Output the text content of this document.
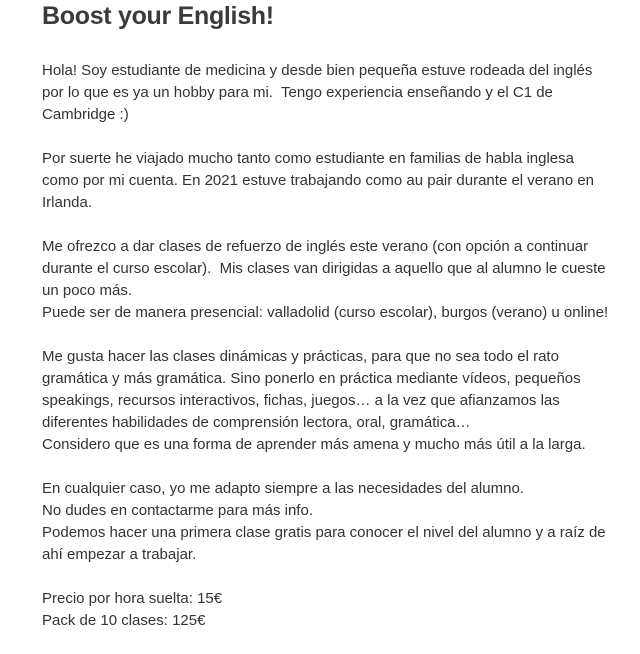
Boost your English!

Hola! Soy estudiante de medicina y desde bien pequeña estuve rodeada del inglés
por lo que es ya un hobby para mi.  Tengo experiencia enseñando y el C1 de
Cambridge :)

Por suerte he viajado mucho tanto como estudiante en familias de habla inglesa
como por mi cuenta. En 2021 estuve trabajando como au pair durante el verano en
Irlanda.

Me ofrezco a dar clases de refuerzo de inglés este verano (con opción a continuar
durante el curso escolar).  Mis clases van dirigidas a aquello que al alumno le cueste
un poco más.
Puede ser de manera presencial: valladolid (curso escolar), burgos (verano) u online!

Me gusta hacer las clases dinámicas y prácticas, para que no sea todo el rato
gramática y más gramática. Sino ponerlo en práctica mediante vídeos, pequeños
speakings, recursos interactivos, fichas, juegos… a la vez que afianzamos las
diferentes habilidades de comprensión lectora, oral, gramática…
Considero que es una forma de aprender más amena y mucho más útil a la larga.

En cualquier caso, yo me adapto siempre a las necesidades del alumno.
No dudes en contactarme para más info.
Podemos hacer una primera clase gratis para conocer el nivel del alumno y a raíz de
ahí empezar a trabajar.

Precio por hora suelta: 15€
Pack de 10 clases: 125€
